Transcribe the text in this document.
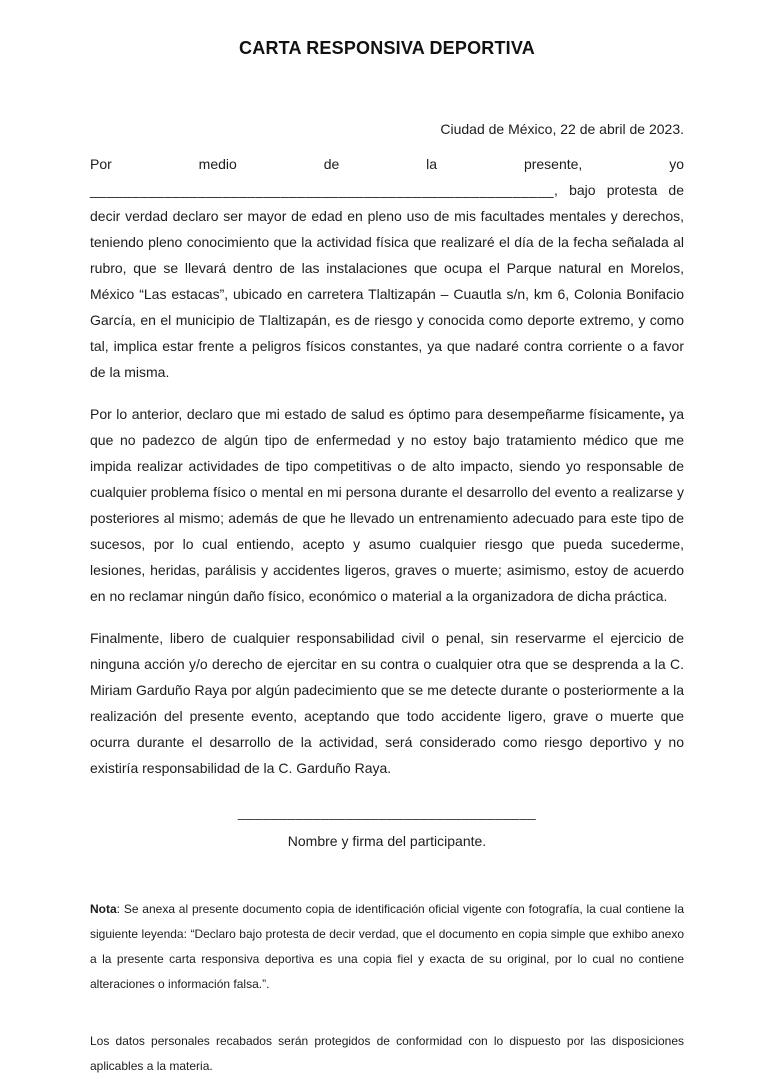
CARTA RESPONSIVA DEPORTIVA
Ciudad de México, 22 de abril de 2023.

Por medio de la presente, yo ________________________________________________________, bajo protesta de decir verdad declaro ser mayor de edad en pleno uso de mis facultades mentales y derechos, teniendo pleno conocimiento que la actividad física que realizaré el día de la fecha señalada al rubro, que se llevará dentro de las instalaciones que ocupa el Parque natural en Morelos, México “Las estacas”, ubicado en carretera Tlaltizapán – Cuautla s/n, km 6, Colonia Bonifacio García, en el municipio de Tlaltizapán, es de riesgo y conocida como deporte extremo, y como tal, implica estar frente a peligros físicos constantes, ya que nadaré contra corriente o a favor de la misma.

Por lo anterior, declaro que mi estado de salud es óptimo para desempeñarme físicamente, ya que no padezco de algún tipo de enfermedad y no estoy bajo tratamiento médico que me impida realizar actividades de tipo competitivas o de alto impacto, siendo yo responsable de cualquier problema físico o mental en mi persona durante el desarrollo del evento a realizarse y posteriores al mismo; además de que he llevado un entrenamiento adecuado para este tipo de sucesos, por lo cual entiendo, acepto y asumo cualquier riesgo que pueda sucederme, lesiones, heridas, parálisis y accidentes ligeros, graves o muerte; asimismo, estoy de acuerdo en no reclamar ningún daño físico, económico o material a la organizadora de dicha práctica.

Finalmente, libero de cualquier responsabilidad civil o penal, sin reservarme el ejercicio de ninguna acción y/o derecho de ejercitar en su contra o cualquier otra que se desprenda a la C. Miriam Garduño Raya por algún padecimiento que se me detecte durante o posteriormente a la realización del presente evento, aceptando que todo accidente ligero, grave o muerte que ocurra durante el desarrollo de la actividad, será considerado como riesgo deportivo y no existiría responsabilidad de la C. Garduño Raya.

____________________________________
Nombre y firma del participante.

Nota: Se anexa al presente documento copia de identificación oficial vigente con fotografía, la cual contiene la siguiente leyenda: “Declaro bajo protesta de decir verdad, que el documento en copia simple que exhibo anexo a la presente carta responsiva deportiva es una copia fiel y exacta de su original, por lo cual no contiene alteraciones o información falsa.”.

Los datos personales recabados serán protegidos de conformidad con lo dispuesto por las disposiciones aplicables a la materia.
